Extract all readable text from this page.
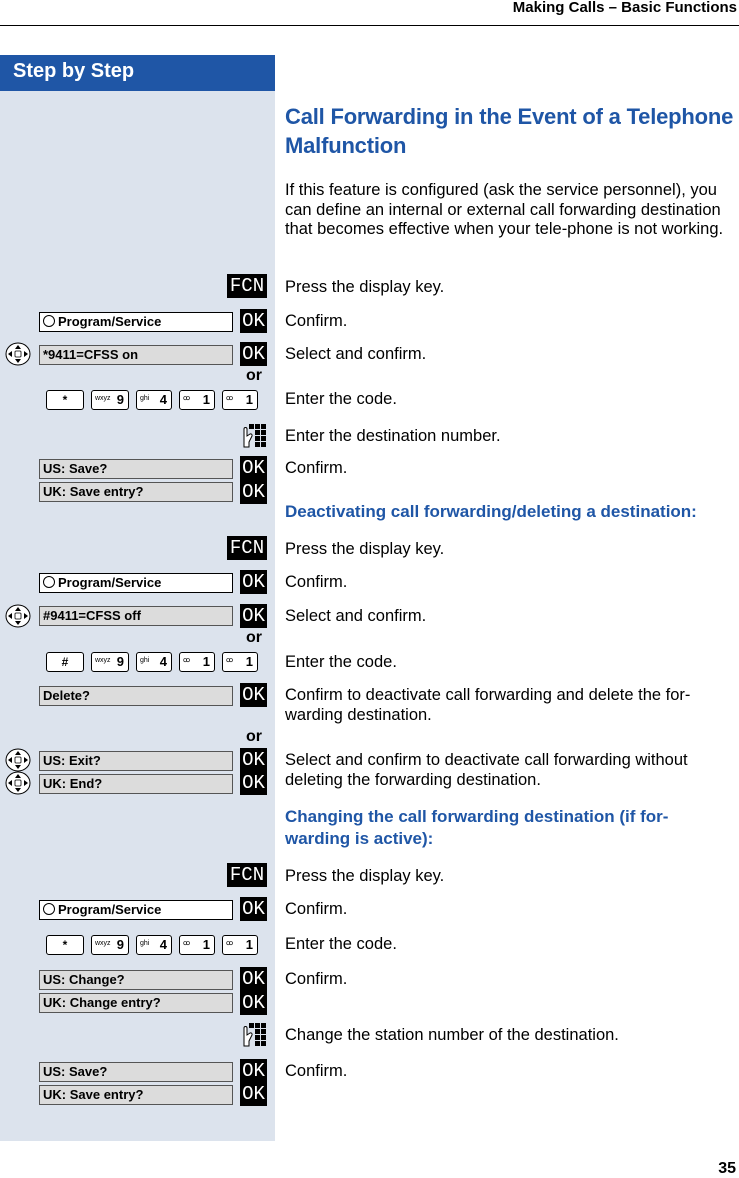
Making Calls – Basic Functions
Step by Step
Call Forwarding in the Event of a Telephone Malfunction
If this feature is configured (ask the service personnel), you can define an internal or external call forwarding destination that becomes effective when your tele-phone is not working.
FCN Press the display key.
Program/Service	OK Confirm.
*9411=CFSS on	OK Select and confirm.
or
*	wxyz 9	ghi 4	ꝏ 1	ꝏ 1	Enter the code.
Enter the destination number.
US: Save?	OK Confirm.
UK: Save entry?	OK
Deactivating call forwarding/deleting a destination:
FCN Press the display key.
Program/Service	OK Confirm.
#9411=CFSS off	OK Select and confirm.
or
#	wxyz 9	ghi 4	ꝏ 1	ꝏ 1	Enter the code.
Delete?	OK Confirm to deactivate call forwarding and delete the for-warding destination.
or
US: Exit?	OK Select and confirm to deactivate call forwarding without deleting the forwarding destination.
UK: End?	OK
Changing the call forwarding destination (if for-warding is active):
FCN Press the display key.
Program/Service	OK Confirm.
*	wxyz 9	ghi 4	ꝏ 1	ꝏ 1	Enter the code.
US: Change?	OK Confirm.
UK: Change entry?	OK
Change the station number of the destination.
US: Save?	OK Confirm.
UK: Save entry?	OK
35
